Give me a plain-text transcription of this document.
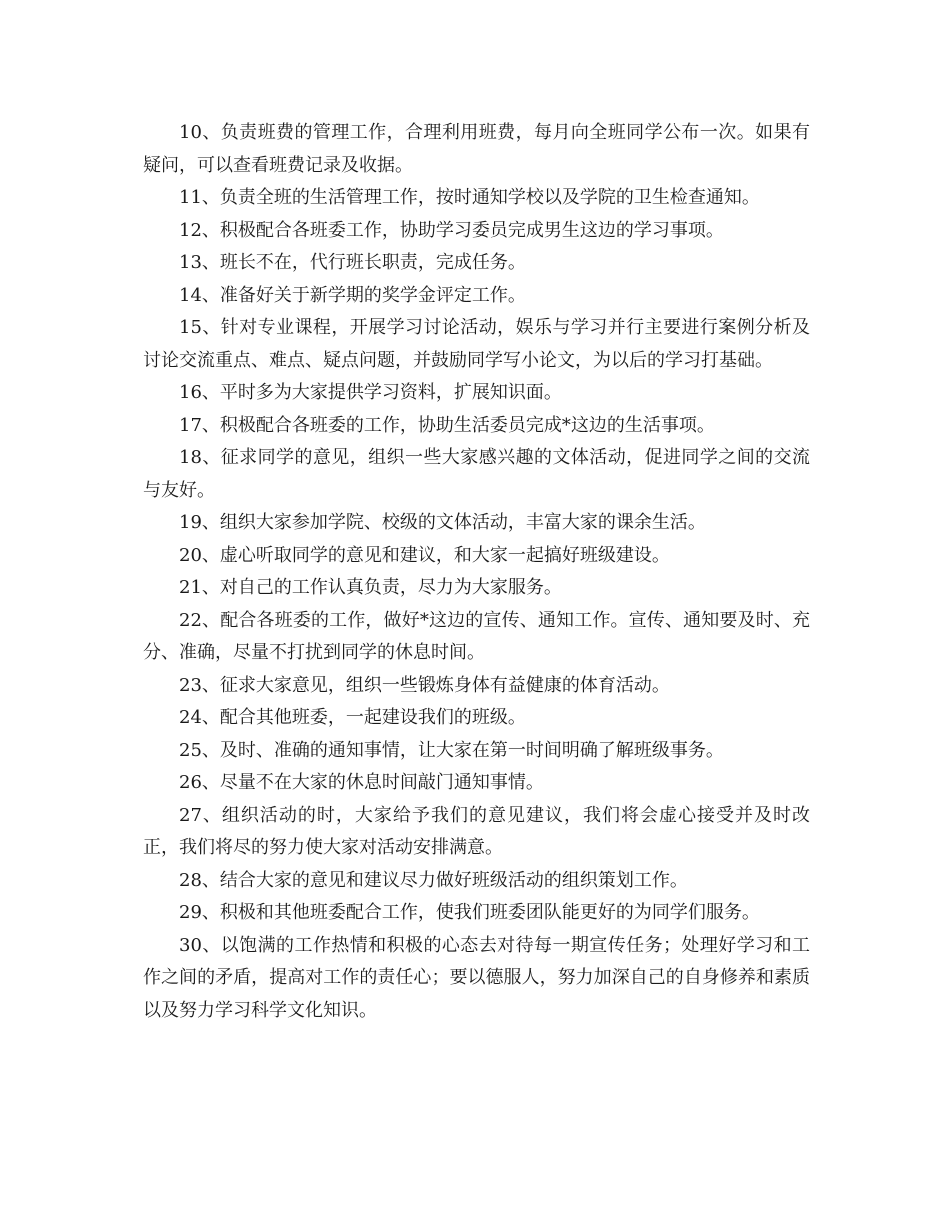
10、负责班费的管理工作，合理利用班费，每月向全班同学公布一次。如果有疑问，可以查看班费记录及收据。

11、负责全班的生活管理工作，按时通知学校以及学院的卫生检查通知。

12、积极配合各班委工作，协助学习委员完成男生这边的学习事项。

13、班长不在，代行班长职责，完成任务。

14、准备好关于新学期的奖学金评定工作。

15、针对专业课程，开展学习讨论活动，娱乐与学习并行主要进行案例分析及讨论交流重点、难点、疑点问题，并鼓励同学写小论文，为以后的学习打基础。

16、平时多为大家提供学习资料，扩展知识面。

17、积极配合各班委的工作，协助生活委员完成*这边的生活事项。

18、征求同学的意见，组织一些大家感兴趣的文体活动，促进同学之间的交流与友好。

19、组织大家参加学院、校级的文体活动，丰富大家的课余生活。

20、虚心听取同学的意见和建议，和大家一起搞好班级建设。

21、对自己的工作认真负责，尽力为大家服务。

22、配合各班委的工作，做好*这边的宣传、通知工作。宣传、通知要及时、充分、准确，尽量不打扰到同学的休息时间。

23、征求大家意见，组织一些锻炼身体有益健康的体育活动。

24、配合其他班委，一起建设我们的班级。

25、及时、准确的通知事情，让大家在第一时间明确了解班级事务。

26、尽量不在大家的休息时间敲门通知事情。

27、组织活动的时，大家给予我们的意见建议，我们将会虚心接受并及时改正，我们将尽的努力使大家对活动安排满意。

28、结合大家的意见和建议尽力做好班级活动的组织策划工作。

29、积极和其他班委配合工作，使我们班委团队能更好的为同学们服务。

30、以饱满的工作热情和积极的心态去对待每一期宣传任务；处理好学习和工作之间的矛盾，提高对工作的责任心；要以德服人，努力加深自己的自身修养和素质以及努力学习科学文化知识。
